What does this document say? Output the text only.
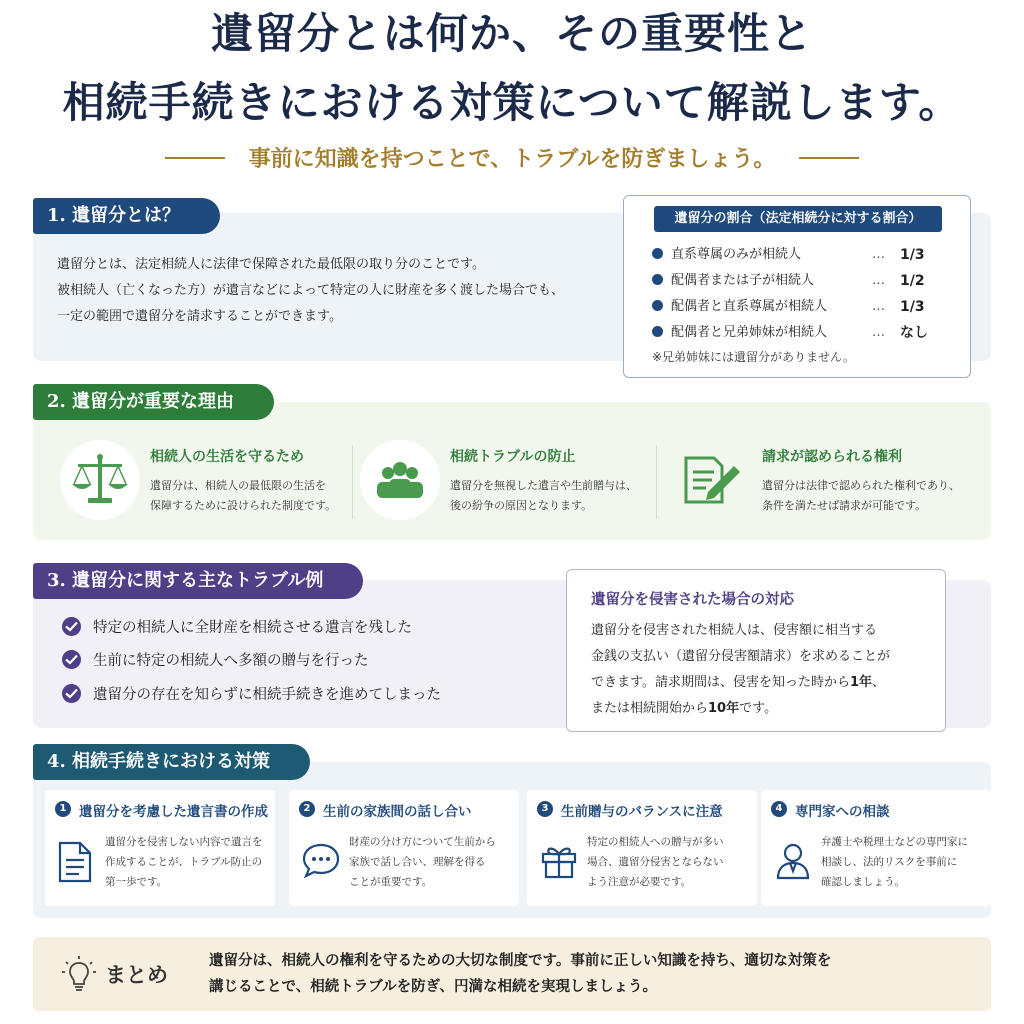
遺留分とは何か、その重要性と
相続手続きにおける対策について解説します。
事前に知識を持つことで、トラブルを防ぎましょう。
1. 遺留分とは？
遺留分とは、法定相続人に法律で保障された最低限の取り分のことです。
被相続人（亡くなった方）が遺言などによって特定の人に財産を多く渡した場合でも、
一定の範囲で遺留分を請求することができます。
遺留分の割合（法定相続分に対する割合）
直系尊属のみが相続人	… 1/3
配偶者または子が相続人	… 1/2
配偶者と直系尊属が相続人	… 1/3
配偶者と兄弟姉妹が相続人	… なし
※兄弟姉妹には遺留分がありません。
2. 遺留分が重要な理由
相続人の生活を守るため
遺留分は、相続人の最低限の生活を
保障するために設けられた制度です。
相続トラブルの防止
遺留分を無視した遺言や生前贈与は、
後の紛争の原因となります。
請求が認められる権利
遺留分は法律で認められた権利であり、
条件を満たせば請求が可能です。
3. 遺留分に関する主なトラブル例
特定の相続人に全財産を相続させる遺言を残した
生前に特定の相続人へ多額の贈与を行った
遺留分の存在を知らずに相続手続きを進めてしまった
遺留分を侵害された場合の対応
遺留分を侵害された相続人は、侵害額に相当する
金銭の支払い（遺留分侵害額請求）を求めることが
できます。請求期間は、侵害を知った時から1年、
または相続開始から10年です。
4. 相続手続きにおける対策
1 遺留分を考慮した遺言書の作成
遺留分を侵害しない内容で遺言を
作成することが、トラブル防止の
第一歩です。
2 生前の家族間の話し合い
財産の分け方について生前から
家族で話し合い、理解を得る
ことが重要です。
3 生前贈与のバランスに注意
特定の相続人への贈与が多い
場合、遺留分侵害とならない
よう注意が必要です。
4 専門家への相談
弁護士や税理士などの専門家に
相談し、法的リスクを事前に
確認しましょう。
まとめ
遺留分は、相続人の権利を守るための大切な制度です。事前に正しい知識を持ち、適切な対策を
講じることで、相続トラブルを防ぎ、円満な相続を実現しましょう。
